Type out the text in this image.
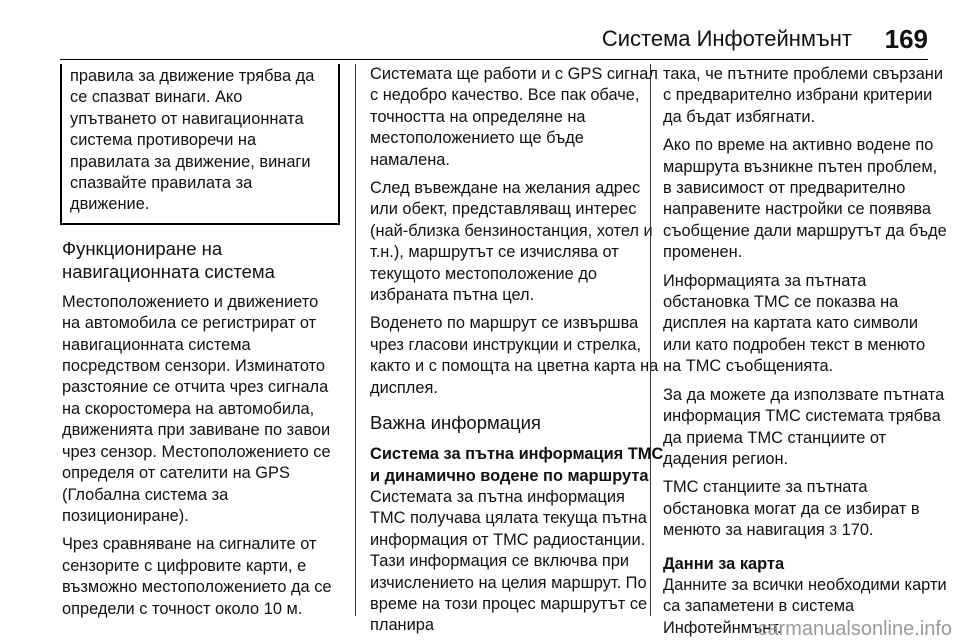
Система Инфотейнмънт 169

правила за движение трябва да се спазват винаги. Ако упътването от навигационната система противоречи на правилата за движение, винаги спазвайте правилата за движение.

Функциониране на навигационната система

Местоположението и движението на автомобила се регистрират от навигационната система посредством сензори. Изминатото разстояние се отчита чрез сигнала на скоростомера на автомобила, движенията при завиване по завои чрез сензор. Местоположението се определя от сателити на GPS (Глобална система за позициониране).

Чрез сравняване на сигналите от сензорите с цифровите карти, е възможно местоположението да се определи с точност около 10 м.

Системата ще работи и с GPS сигнал с недобро качество. Все пак обаче, точността на определяне на местоположението ще бъде намалена.

След въвеждане на желания адрес или обект, представляващ интерес (най-близка бензиностанция, хотел и т.н.), маршрутът се изчислява от текущото местоположение до избраната пътна цел.

Воденето по маршрут се извършва чрез гласови инструкции и стрелка, както и с помощта на цветна карта на дисплея.

Важна информация
Система за пътна информация TMC и динамично водене по маршрута

Системата за пътна информация TMC получава цялата текуща пътна информация от TMC радиостанции. Тази информация се включва при изчислението на целия маршрут. По време на този процес маршрутът се планира

така, че пътните проблеми свързани с предварително избрани критерии да бъдат избягнати.

Ако по време на активно водене по маршрута възникне пътен проблем, в зависимост от предварително направените настройки се появява съобщение дали маршрутът да бъде променен.

Информацията за пътната обстановка TMC се показва на дисплея на картата като символи или като подробен текст в менюто на TMC съобщенията.

За да можете да използвате пътната информация TMC системата трябва да приема TMC станциите от дадения регион.

TMC станциите за пътната обстановка могат да се избират в менюто за навигация 3 170.

Данни за карта

Данните за всички необходими карти са запаметени в система Инфотейнмънт.

carmanualsonline.info
